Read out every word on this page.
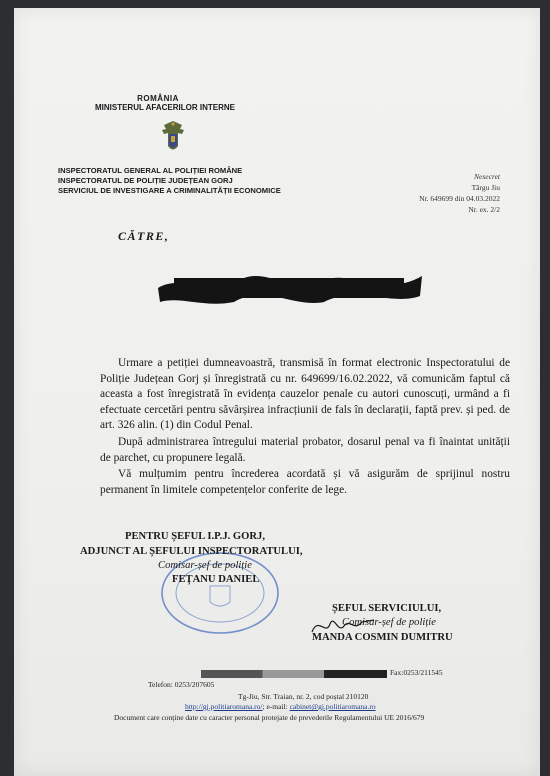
ROMÂNIA
MINISTERUL AFACERILOR INTERNE
INSPECTORATUL GENERAL AL POLIȚIEI ROMÂNE
INSPECTORATUL DE POLIȚIE JUDEȚEAN GORJ
SERVICIUL DE INVESTIGARE A CRIMINALITĂȚII ECONOMICE
Nesecret
Târgu Jiu
Nr. 649699 din 04.03.2022
Nr. ex. 2/2
CĂTRE,
Urmare a petiției dumneavoastră, transmisă în format electronic Inspectoratului de Poliție Județean Gorj și înregistrată cu nr. 649699/16.02.2022, vă comunicăm faptul că aceasta a fost înregistrată în evidența cauzelor penale cu autori cunoscuți, urmând a fi efectuate cercetări pentru săvârșirea infracțiunii de fals în declarații, faptă prev. și ped. de art. 326 alin. (1) din Codul Penal.
După administrarea întregului material probator, dosarul penal va fi înaintat unității de parchet, cu propunere legală.
Vă mulțumim pentru încrederea acordată și vă asigurăm de sprijinul nostru permanent în limitele competențelor conferite de lege.
PENTRU ȘEFUL I.P.J. GORJ,
ADJUNCT AL ȘEFULUI INSPECTORATULUI,
Comisar-șef de poliție
FEȚANU DANIEL
ȘEFUL SERVICIULUI,
Comisar-șef de poliție
MANDA COSMIN DUMITRU
Telefon: 0253/207605
Fax:0253/211545
Tg-Jiu, Str. Traian, nr. 2, cod poștal 210120
http://gj.politiaromana.ro/; e-mail: cabinet@gj.politiaromana.ro
Document care conține date cu caracter personal protejate de prevederile Regulamentului UE 2016/679
